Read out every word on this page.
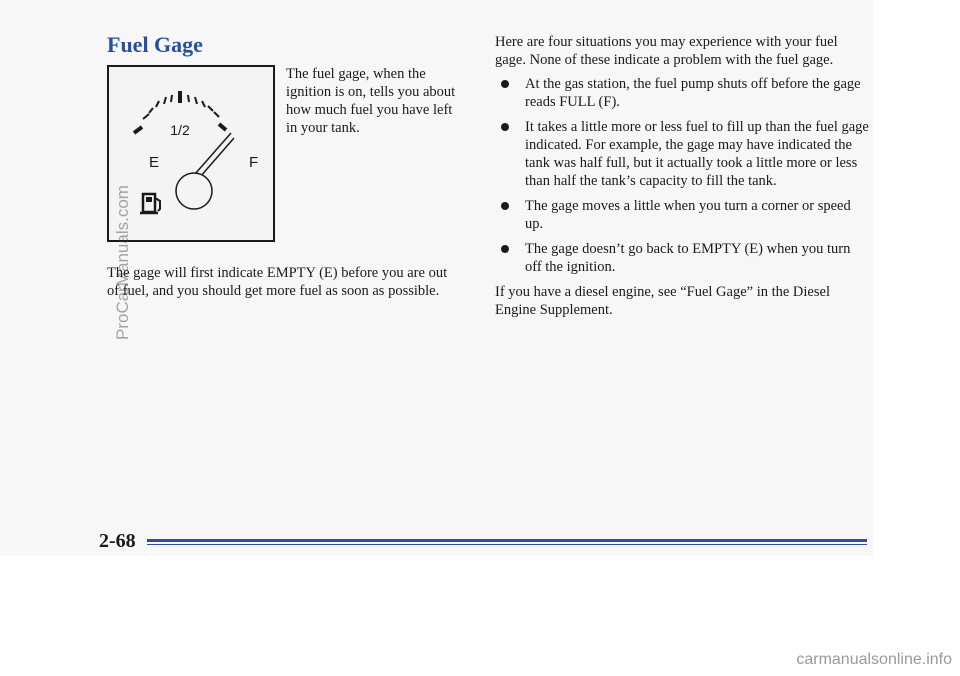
Fuel Gage
E
1/2
F

The fuel gage, when the ignition is on, tells you about how much fuel you have left in your tank.

The gage will first indicate EMPTY (E) before you are out of fuel, and you should get more fuel as soon as possible.

Here are four situations you may experience with your fuel gage. None of these indicate a problem with the fuel gage.

At the gas station, the fuel pump shuts off before the gage reads FULL (F).
It takes a little more or less fuel to fill up than the fuel gage indicated. For example, the gage may have indicated the tank was half full, but it actually took a little more or less than half the tank’s capacity to fill the tank.
The gage moves a little when you turn a corner or speed up.
The gage doesn’t go back to EMPTY (E) when you turn off the ignition.

If you have a diesel engine, see “Fuel Gage” in the Diesel Engine Supplement.

2-68
ProCarManuals.com
carmanualsonline.info
